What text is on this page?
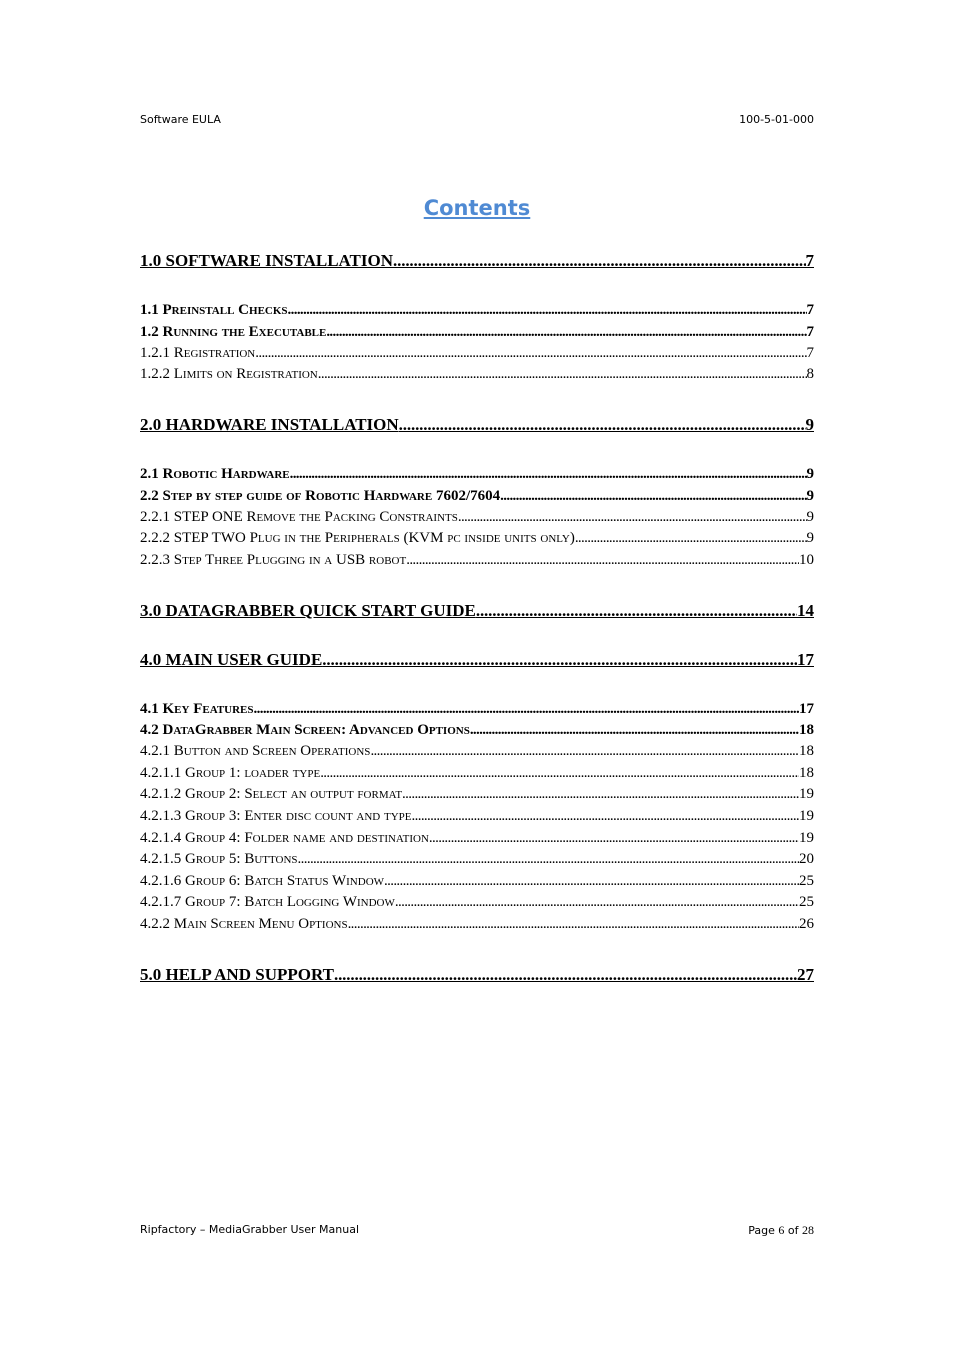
Software EULA	100-5-01-000
Contents
1.0 SOFTWARE INSTALLATION . . .	7
1.1 Preinstall Checks . . .	7
1.2 Running the Executable . . .	7
1.2.1 Registration . . .	7
1.2.2 Limits on Registration . . .	8
2.0 HARDWARE INSTALLATION . . .	9
2.1 Robotic Hardware . . .	9
2.2 Step by step guide of Robotic Hardware 7602/7604 . . .	9
2.2.1 STEP ONE Remove the Packing Constraints . . .	9
2.2.2 STEP TWO Plug in the Peripherals (KVM pc inside units only) . . .	9
2.2.3 Step Three Plugging in a USB robot . . .	10
3.0 DATAGRABBER QUICK START GUIDE . . .	14
4.0 MAIN USER GUIDE . . .	17
4.1 Key Features . . .	17
4.2 DataGrabber Main Screen: Advanced Options . . .	18
4.2.1 Button and Screen Operations . . .	18
4.2.1.1 Group 1: loader type . . .	18
4.2.1.2 Group 2: Select an output format . . .	19
4.2.1.3 Group 3: Enter disc count and type . . .	19
4.2.1.4 Group 4: Folder name and destination . . .	19
4.2.1.5 Group 5: Buttons . . .	20
4.2.1.6 Group 6: Batch Status Window . . .	25
4.2.1.7 Group 7: Batch Logging Window . . .	25
4.2.2 Main Screen Menu Options . . .	26
5.0 HELP AND SUPPORT . . .	27
Ripfactory – MediaGrabber User Manual	Page 6 of 28
